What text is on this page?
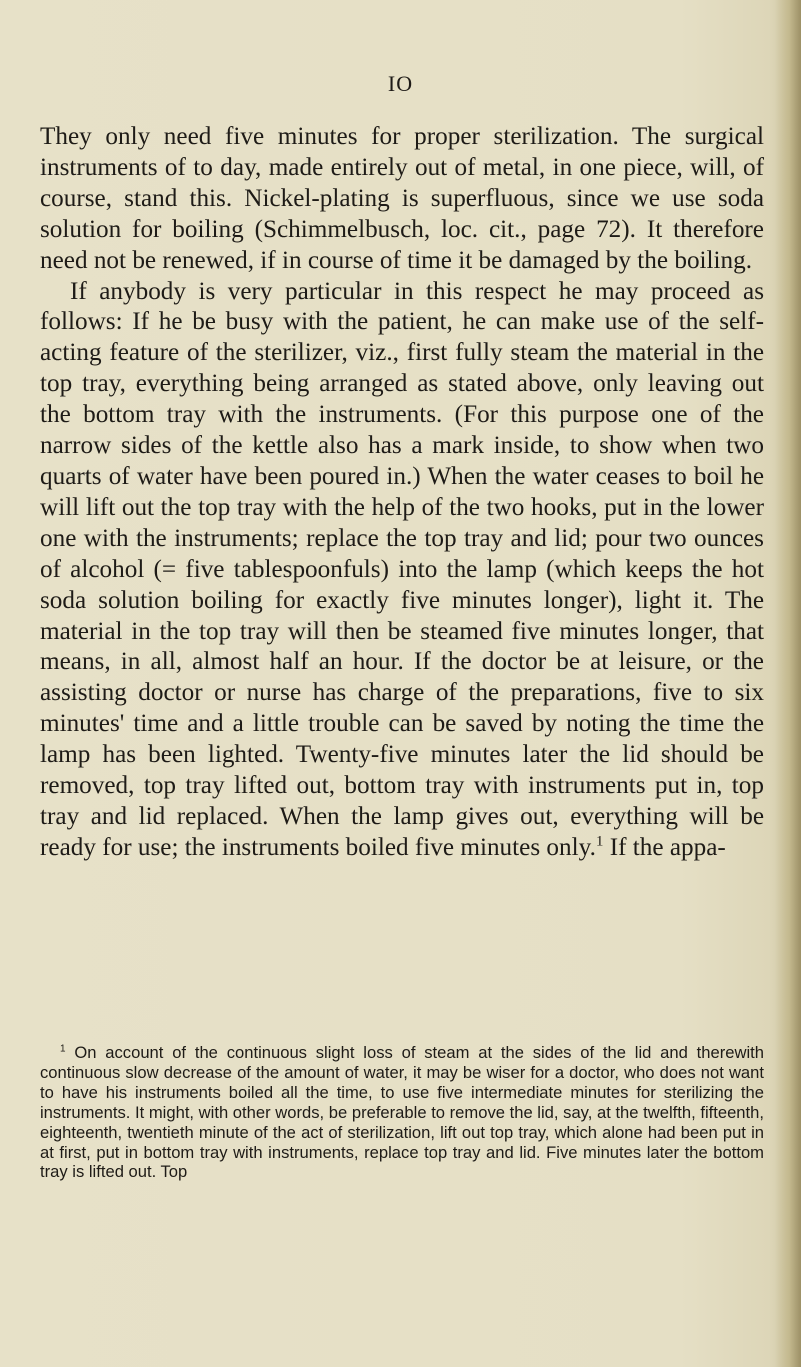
IO

They only need five minutes for proper sterilization. The surgical instruments of to day, made entirely out of metal, in one piece, will, of course, stand this. Nickel-plating is superfluous, since we use soda solution for boiling (Schimmelbusch, loc. cit., page 72). It therefore need not be renewed, if in course of time it be damaged by the boiling.

If anybody is very particular in this respect he may proceed as follows: If he be busy with the patient, he can make use of the self-acting feature of the sterilizer, viz., first fully steam the material in the top tray, everything being arranged as stated above, only leaving out the bottom tray with the instruments. (For this purpose one of the narrow sides of the kettle also has a mark inside, to show when two quarts of water have been poured in.) When the water ceases to boil he will lift out the top tray with the help of the two hooks, put in the lower one with the instruments; replace the top tray and lid; pour two ounces of alcohol (= five tablespoonfuls) into the lamp (which keeps the hot soda solution boiling for exactly five minutes longer), light it. The material in the top tray will then be steamed five minutes longer, that means, in all, almost half an hour. If the doctor be at leisure, or the assisting doctor or nurse has charge of the preparations, five to six minutes' time and a little trouble can be saved by noting the time the lamp has been lighted. Twenty-five minutes later the lid should be removed, top tray lifted out, bottom tray with instruments put in, top tray and lid replaced. When the lamp gives out, everything will be ready for use; the instruments boiled five minutes only.$^1$ If the appa-

$^1$ On account of the continuous slight loss of steam at the sides of the lid and therewith continuous slow decrease of the amount of water, it may be wiser for a doctor, who does not want to have his instruments boiled all the time, to use five intermediate minutes for sterilizing the instruments. It might, with other words, be preferable to remove the lid, say, at the twelfth, fifteenth, eighteenth, twentieth minute of the act of sterilization, lift out top tray, which alone had been put in at first, put in bottom tray with instruments, replace top tray and lid. Five minutes later the bottom tray is lifted out. Top
